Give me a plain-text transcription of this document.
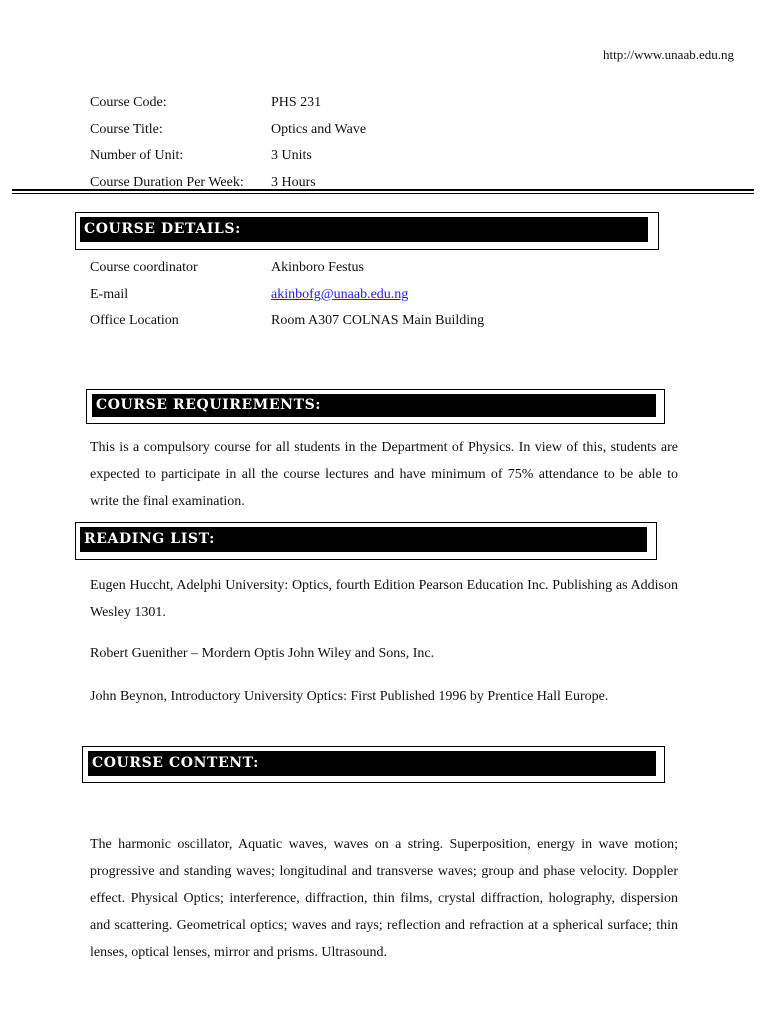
http://www.unaab.edu.ng
Course Code:	PHS 231
Course Title:	Optics and Wave
Number of Unit:	3 Units
Course Duration Per Week: 3 Hours
COURSE DETAILS:
Course coordinator	Akinboro Festus
E-mail	akinbofg@unaab.edu.ng
Office Location	Room A307 COLNAS Main Building
COURSE REQUIREMENTS:
This is a compulsory course for all students in the Department of Physics. In view of this, students are expected to participate in all the course lectures and have minimum of 75% attendance to be able to write the final examination.
READING LIST:
Eugen Huccht, Adelphi University: Optics, fourth Edition Pearson Education Inc. Publishing as Addison Wesley 1301.
Robert Guenither – Mordern Optis John Wiley and Sons, Inc.
John Beynon, Introductory University Optics: First Published 1996 by Prentice Hall Europe.
COURSE CONTENT:
The harmonic oscillator, Aquatic waves, waves on a string. Superposition, energy in wave motion; progressive and standing waves; longitudinal and transverse waves; group and phase velocity. Doppler effect. Physical Optics; interference, diffraction, thin films, crystal diffraction, holography, dispersion and scattering. Geometrical optics; waves and rays; reflection and refraction at a spherical surface; thin lenses, optical lenses, mirror and prisms. Ultrasound.
